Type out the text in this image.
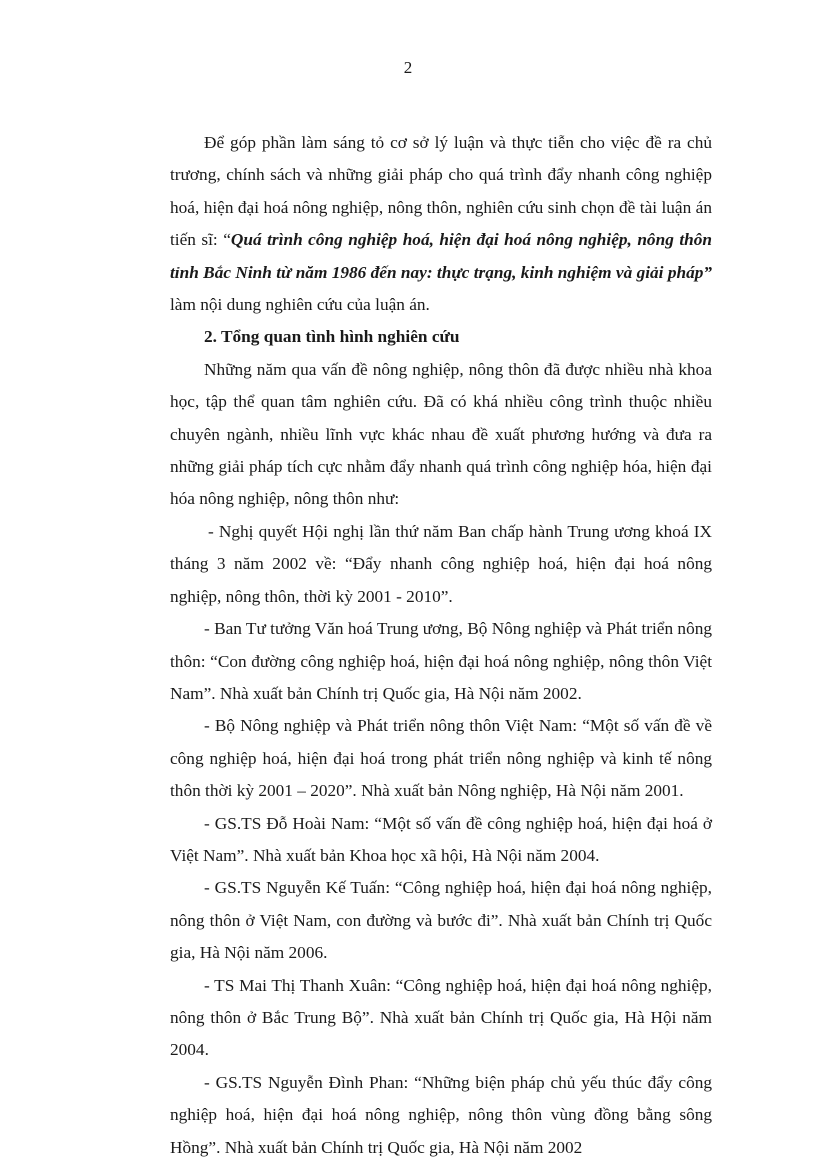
2

Để góp phần làm sáng tỏ cơ sở lý luận và thực tiễn cho việc đề ra chủ trương, chính sách và những giải pháp cho quá trình đẩy nhanh công nghiệp hoá, hiện đại hoá nông nghiệp, nông thôn, nghiên cứu sinh chọn đề tài luận án tiến sĩ: “Quá trình công nghiệp hoá, hiện đại hoá nông nghiệp, nông thôn tỉnh Bắc Ninh từ năm 1986 đến nay: thực trạng, kinh nghiệm và giải pháp” làm nội dung nghiên cứu của luận án.

2. Tổng quan tình hình nghiên cứu

Những năm qua vấn đề nông nghiệp, nông thôn đã được nhiều nhà khoa học, tập thể quan tâm nghiên cứu. Đã có khá nhiều công trình thuộc nhiều chuyên ngành, nhiều lĩnh vực khác nhau đề xuất phương hướng và đưa ra những giải pháp tích cực nhằm đẩy nhanh quá trình công nghiệp hóa, hiện đại hóa nông nghiệp, nông thôn như:

- Nghị quyết Hội nghị lần thứ năm Ban chấp hành Trung ương khoá IX tháng 3 năm 2002 về: “Đẩy nhanh công nghiệp hoá, hiện đại hoá nông nghiệp, nông thôn, thời kỳ 2001 - 2010”.

- Ban Tư tưởng Văn hoá Trung ương, Bộ Nông nghiệp và Phát triển nông thôn: “Con đường công nghiệp hoá, hiện đại hoá nông nghiệp, nông thôn Việt Nam”. Nhà xuất bản Chính trị Quốc gia, Hà Nội năm 2002.

- Bộ Nông nghiệp và Phát triển nông thôn Việt Nam: “Một số vấn đề về công nghiệp hoá, hiện đại hoá trong phát triển nông nghiệp và kinh tế nông thôn thời kỳ 2001 – 2020”. Nhà xuất bản Nông nghiệp, Hà Nội năm 2001.

- GS.TS Đỗ Hoài Nam: “Một số vấn đề công nghiệp hoá, hiện đại hoá ở Việt Nam”. Nhà xuất bản Khoa học xã hội, Hà Nội năm 2004.

- GS.TS Nguyễn Kế Tuấn: “Công nghiệp hoá, hiện đại hoá nông nghiệp, nông thôn ở Việt Nam, con đường và bước đi”. Nhà xuất bản Chính trị Quốc gia, Hà Nội năm 2006.

- TS Mai Thị Thanh Xuân: “Công nghiệp hoá, hiện đại hoá nông nghiệp, nông thôn ở Bắc Trung Bộ”. Nhà xuất bản Chính trị Quốc gia, Hà Hội năm 2004.

- GS.TS Nguyễn Đình Phan: “Những biện pháp chủ yếu thúc đẩy công nghiệp hoá, hiện đại hoá nông nghiệp, nông thôn vùng đồng bằng sông Hồng”. Nhà xuất bản Chính trị Quốc gia, Hà Nội năm 2002
